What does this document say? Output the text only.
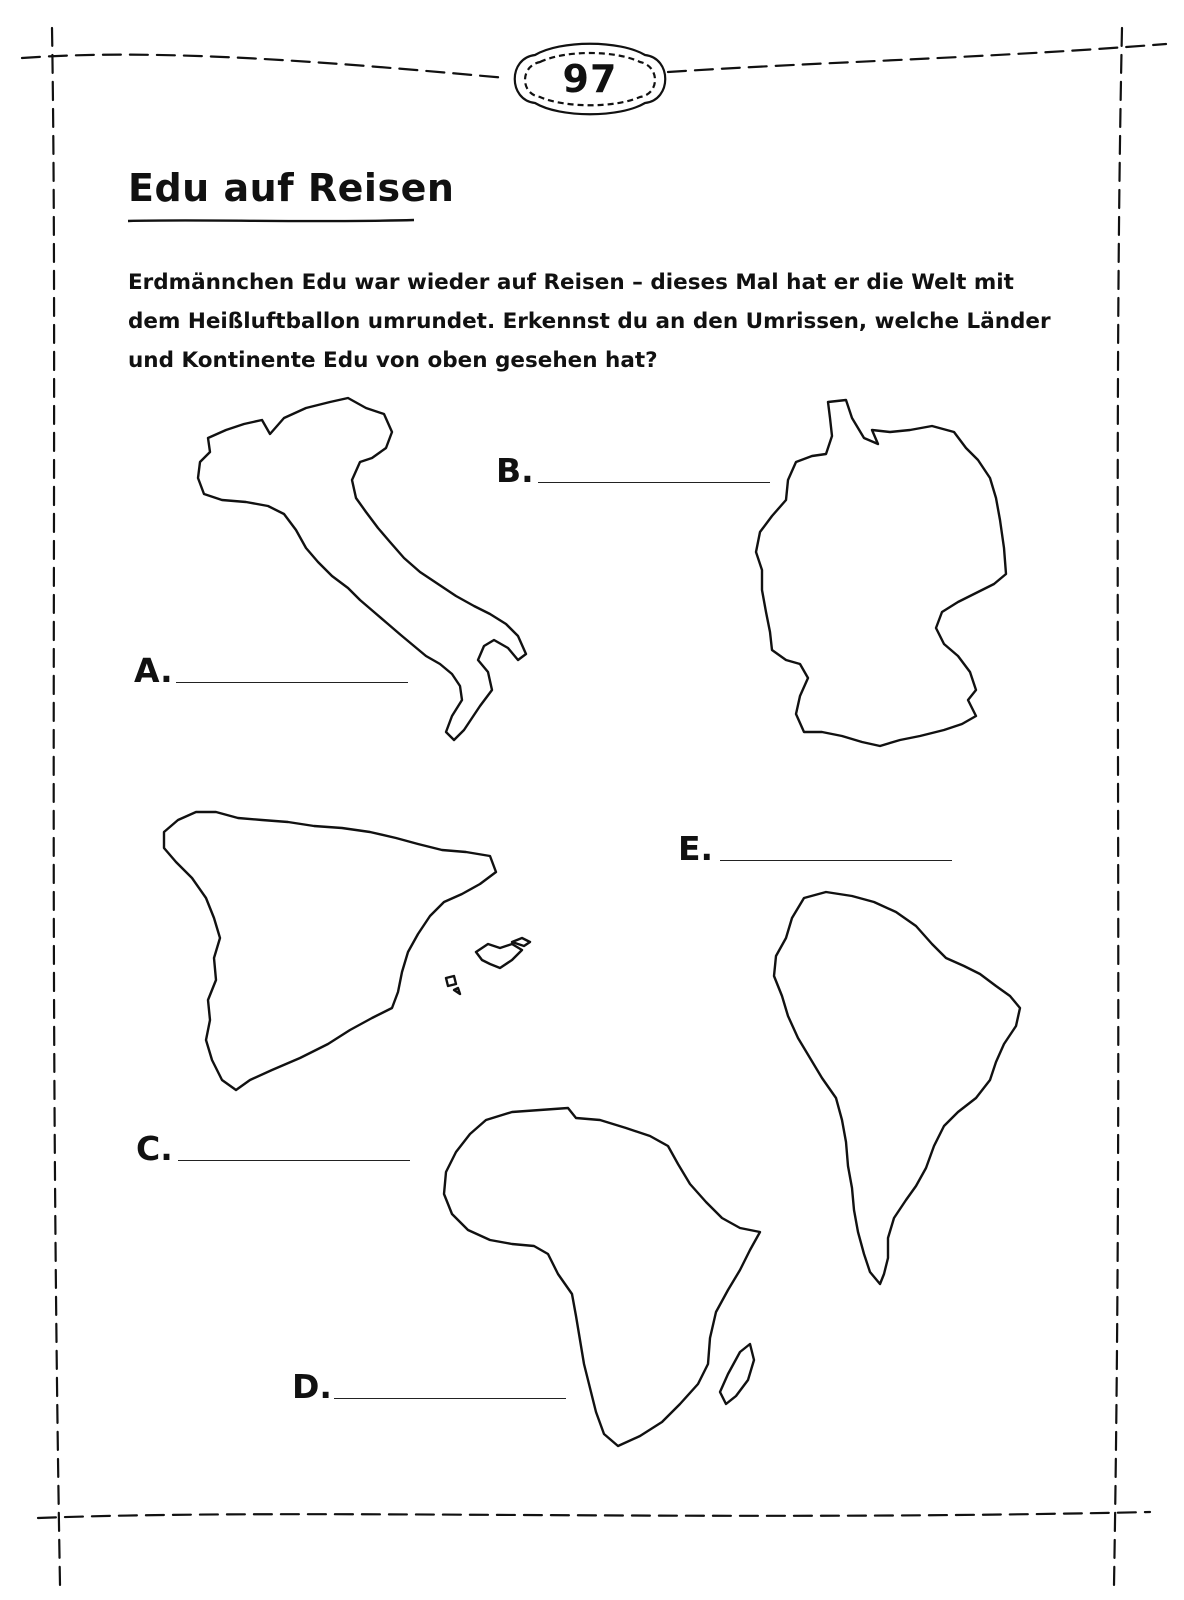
97
Edu auf Reisen

Erdmännchen Edu war wieder auf Reisen – dieses Mal hat er die Welt mit dem Heißluftballon umrundet. Erkennst du an den Umrissen, welche Länder und Kontinente Edu von oben gesehen hat?

A.
B.
C.
D.
E.
